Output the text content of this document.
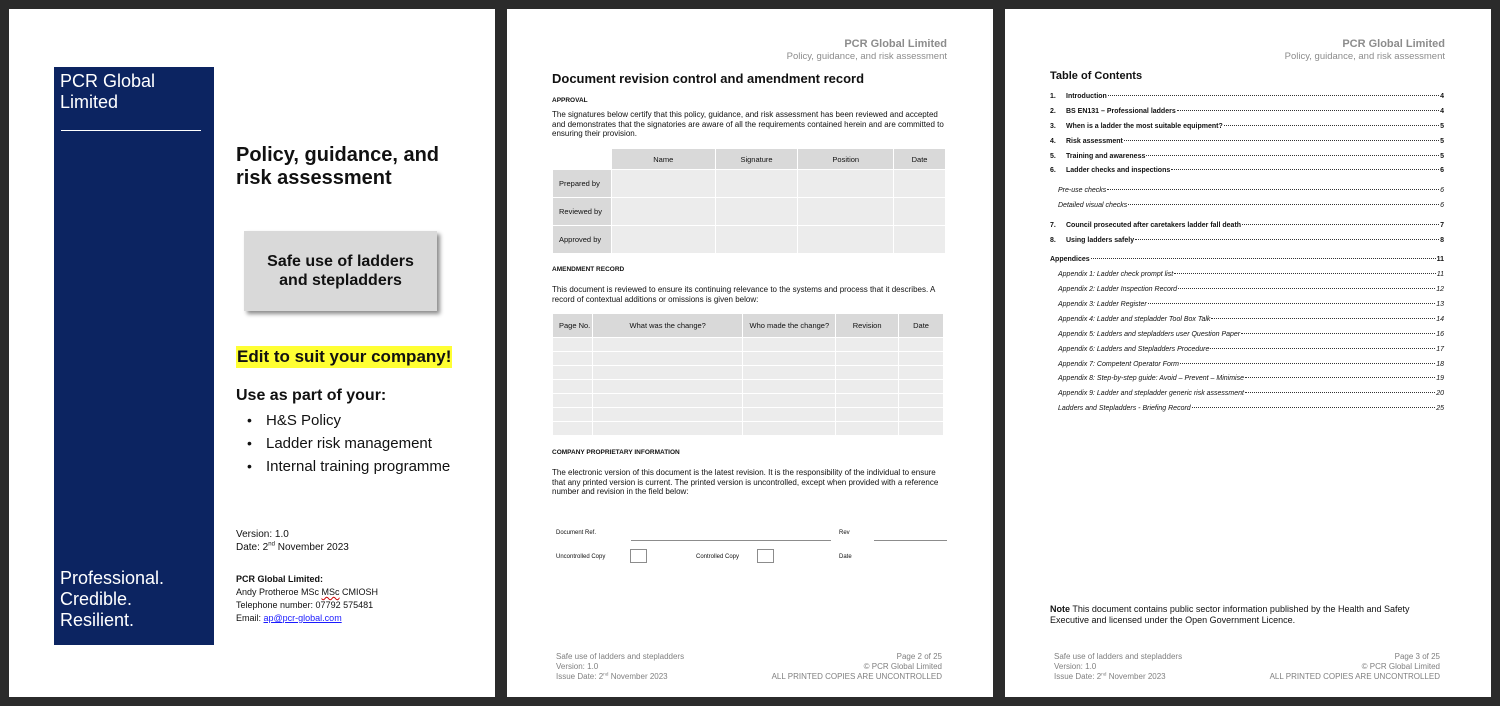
PCR Global Limited
Professional.
Credible.
Resilient.
Policy, guidance, and risk assessment
Safe use of ladders and stepladders
Edit to suit your company!
Use as part of your:
• H&S Policy
• Ladder risk management
• Internal training programme
Version: 1.0
Date: 2nd November 2023
PCR Global Limited:
Andy Protheroe MSc MSc CMIOSH
Telephone number: 07792 575481
Email: ap@pcr-global.com
PCR Global Limited
Policy, guidance, and risk assessment
Document revision control and amendment record
APPROVAL
The signatures below certify that this policy, guidance, and risk assessment has been reviewed and accepted and demonstrates that the signatories are aware of all the requirements contained herein and are committed to ensuring their provision.
	Name	Signature	Position	Date
Prepared by				
Reviewed by				
Approved by				
AMENDMENT RECORD
This document is reviewed to ensure its continuing relevance to the systems and process that it describes. A record of contextual additions or omissions is given below:
Page No.	What was the change?	Who made the change?	Revision	Date

COMPANY PROPRIETARY INFORMATION
The electronic version of this document is the latest revision. It is the responsibility of the individual to ensure that any printed version is current. The printed version is uncontrolled, except when provided with a reference number and revision in the field below:
Document Ref.	Rev
Uncontrolled Copy	Controlled Copy	Date
Safe use of ladders and stepladders
Version: 1.0
Issue Date: 2nd November 2023
Page 2 of 25
© PCR Global Limited
ALL PRINTED COPIES ARE UNCONTROLLED
PCR Global Limited
Policy, guidance, and risk assessment
Table of Contents
1.	Introduction	4
2.	BS EN131 – Professional ladders	4
3.	When is a ladder the most suitable equipment?	5
4.	Risk assessment	5
5.	Training and awareness	5
6.	Ladder checks and inspections	6
Pre-use checks	6
Detailed visual checks	6
7.	Council prosecuted after caretakers ladder fall death	7
8.	Using ladders safely	8
Appendices	11
Appendix 1: Ladder check prompt list	11
Appendix 2: Ladder Inspection Record	12
Appendix 3: Ladder Register	13
Appendix 4: Ladder and stepladder Tool Box Talk	14
Appendix 5: Ladders and stepladders user Question Paper	16
Appendix 6: Ladders and Stepladders Procedure	17
Appendix 7: Competent Operator Form	18
Appendix 8: Step-by-step guide: Avoid – Prevent – Minimise	19
Appendix 9: Ladder and stepladder generic risk assessment	20
Ladders and Stepladders - Briefing Record	25
Note This document contains public sector information published by the Health and Safety Executive and licensed under the Open Government Licence.
Safe use of ladders and stepladders
Version: 1.0
Issue Date: 2nd November 2023
Page 3 of 25
© PCR Global Limited
ALL PRINTED COPIES ARE UNCONTROLLED
